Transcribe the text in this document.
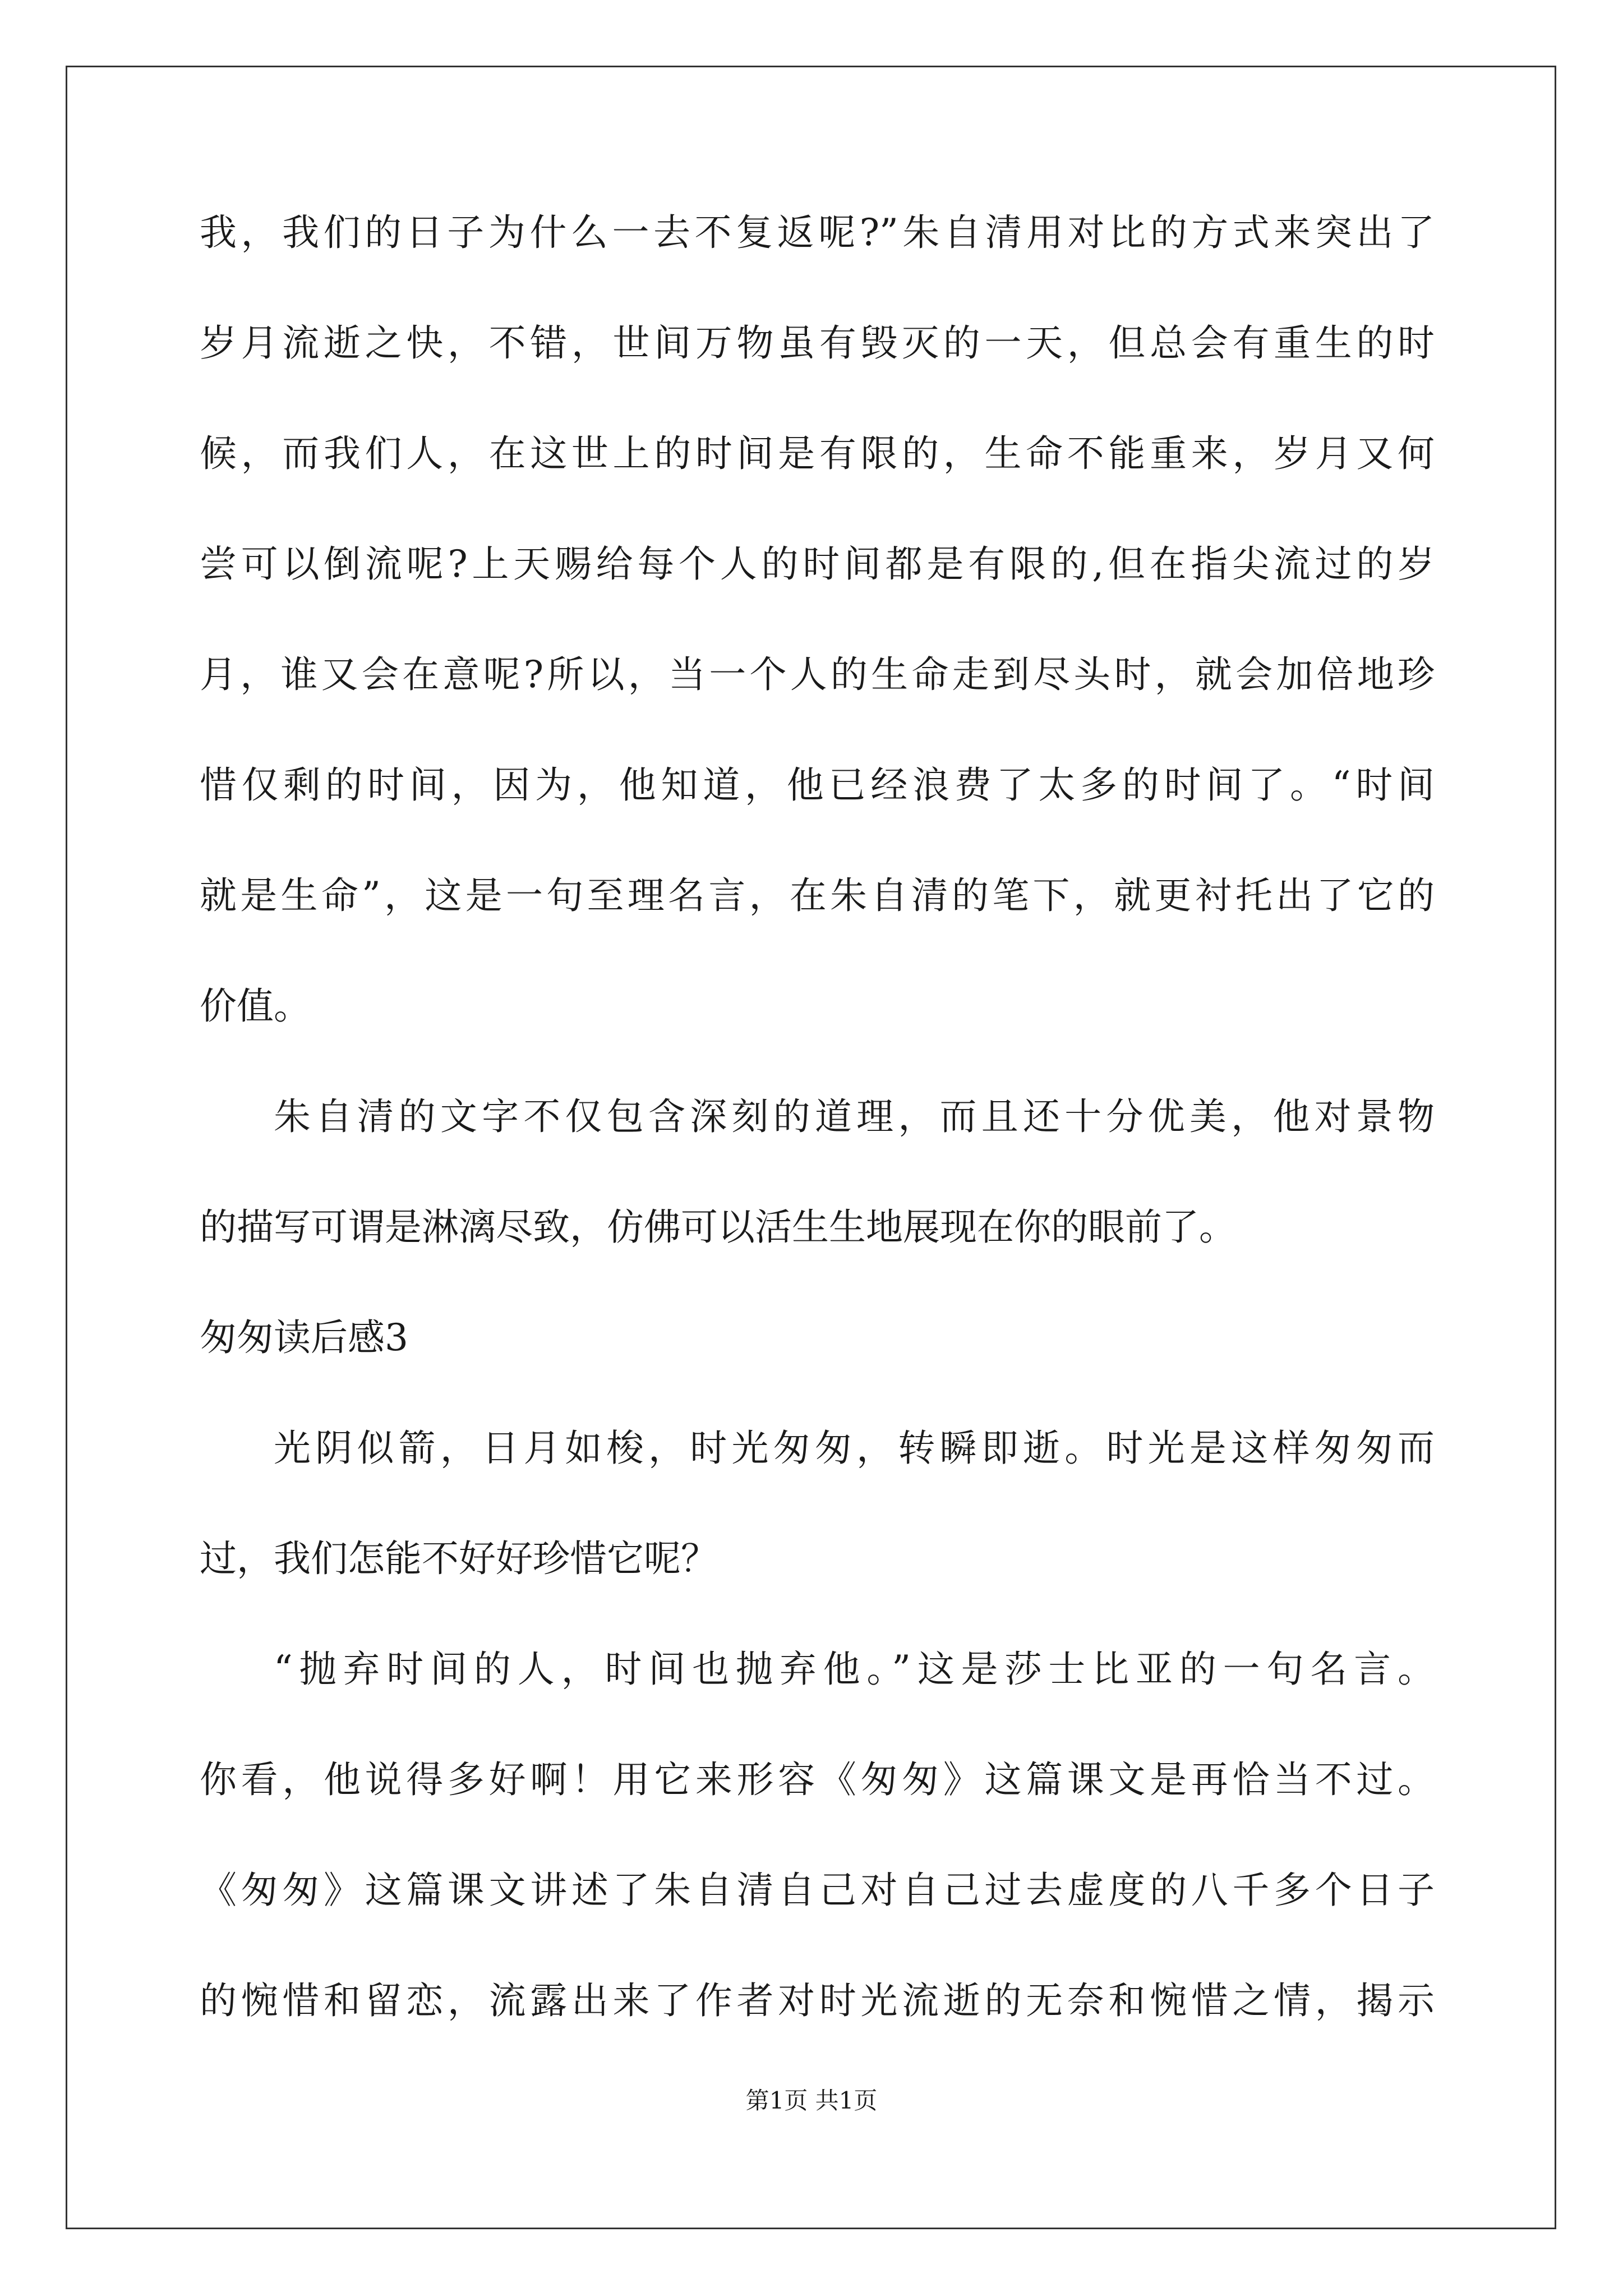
我，我们的日子为什么一去不复返呢?”朱自清用对比的方式来突出了
岁月流逝之快，不错，世间万物虽有毁灭的一天，但总会有重生的时
候，而我们人，在这世上的时间是有限的，生命不能重来，岁月又何
尝可以倒流呢?上天赐给每个人的时间都是有限的,但在指尖流过的岁
月，谁又会在意呢?所以，当一个人的生命走到尽头时，就会加倍地珍
惜仅剩的时间，因为，他知道，他已经浪费了太多的时间了。“时间
就是生命”，这是一句至理名言，在朱自清的笔下，就更衬托出了它的
价值。
朱自清的文字不仅包含深刻的道理，而且还十分优美，他对景物
的描写可谓是淋漓尽致，仿佛可以活生生地展现在你的眼前了。
匆匆读后感3
光阴似箭，日月如梭，时光匆匆，转瞬即逝。时光是这样匆匆而
过，我们怎能不好好珍惜它呢？
“抛弃时间的人，时间也抛弃他。”这是莎士比亚的一句名言。
你看，他说得多好啊！用它来形容《匆匆》这篇课文是再恰当不过。
《匆匆》这篇课文讲述了朱自清自己对自己过去虚度的八千多个日子
的惋惜和留恋，流露出来了作者对时光流逝的无奈和惋惜之情，揭示
第1页 共1页
